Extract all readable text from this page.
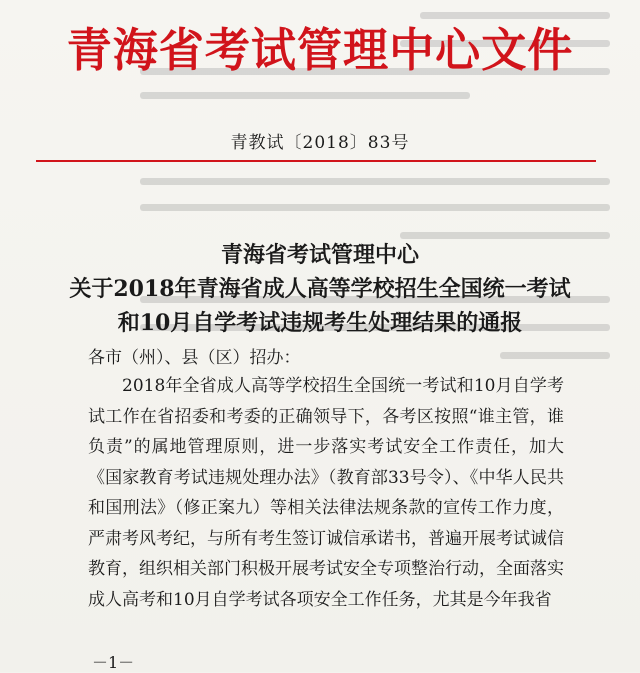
青海省考试管理中心文件
青教试〔2018〕83号
青海省考试管理中心
关于2018年青海省成人高等学校招生全国统一考试
和10月自学考试违规考生处理结果的通报
各市（州）、县（区）招办：
2018年全省成人高等学校招生全国统一考试和10月自学考试工作在省招委和考委的正确领导下，各考区按照“谁主管，谁负责”的属地管理原则，进一步落实考试安全工作责任，加大《国家教育考试违规处理办法》（教育部33号令）、《中华人民共和国刑法》（修正案九）等相关法律法规条款的宣传工作力度，严肃考风考纪，与所有考生签订诚信承诺书，普遍开展考试诚信教育，组织相关部门积极开展考试安全专项整治行动，全面落实成人高考和10月自学考试各项安全工作任务，尤其是今年我省
－1－
